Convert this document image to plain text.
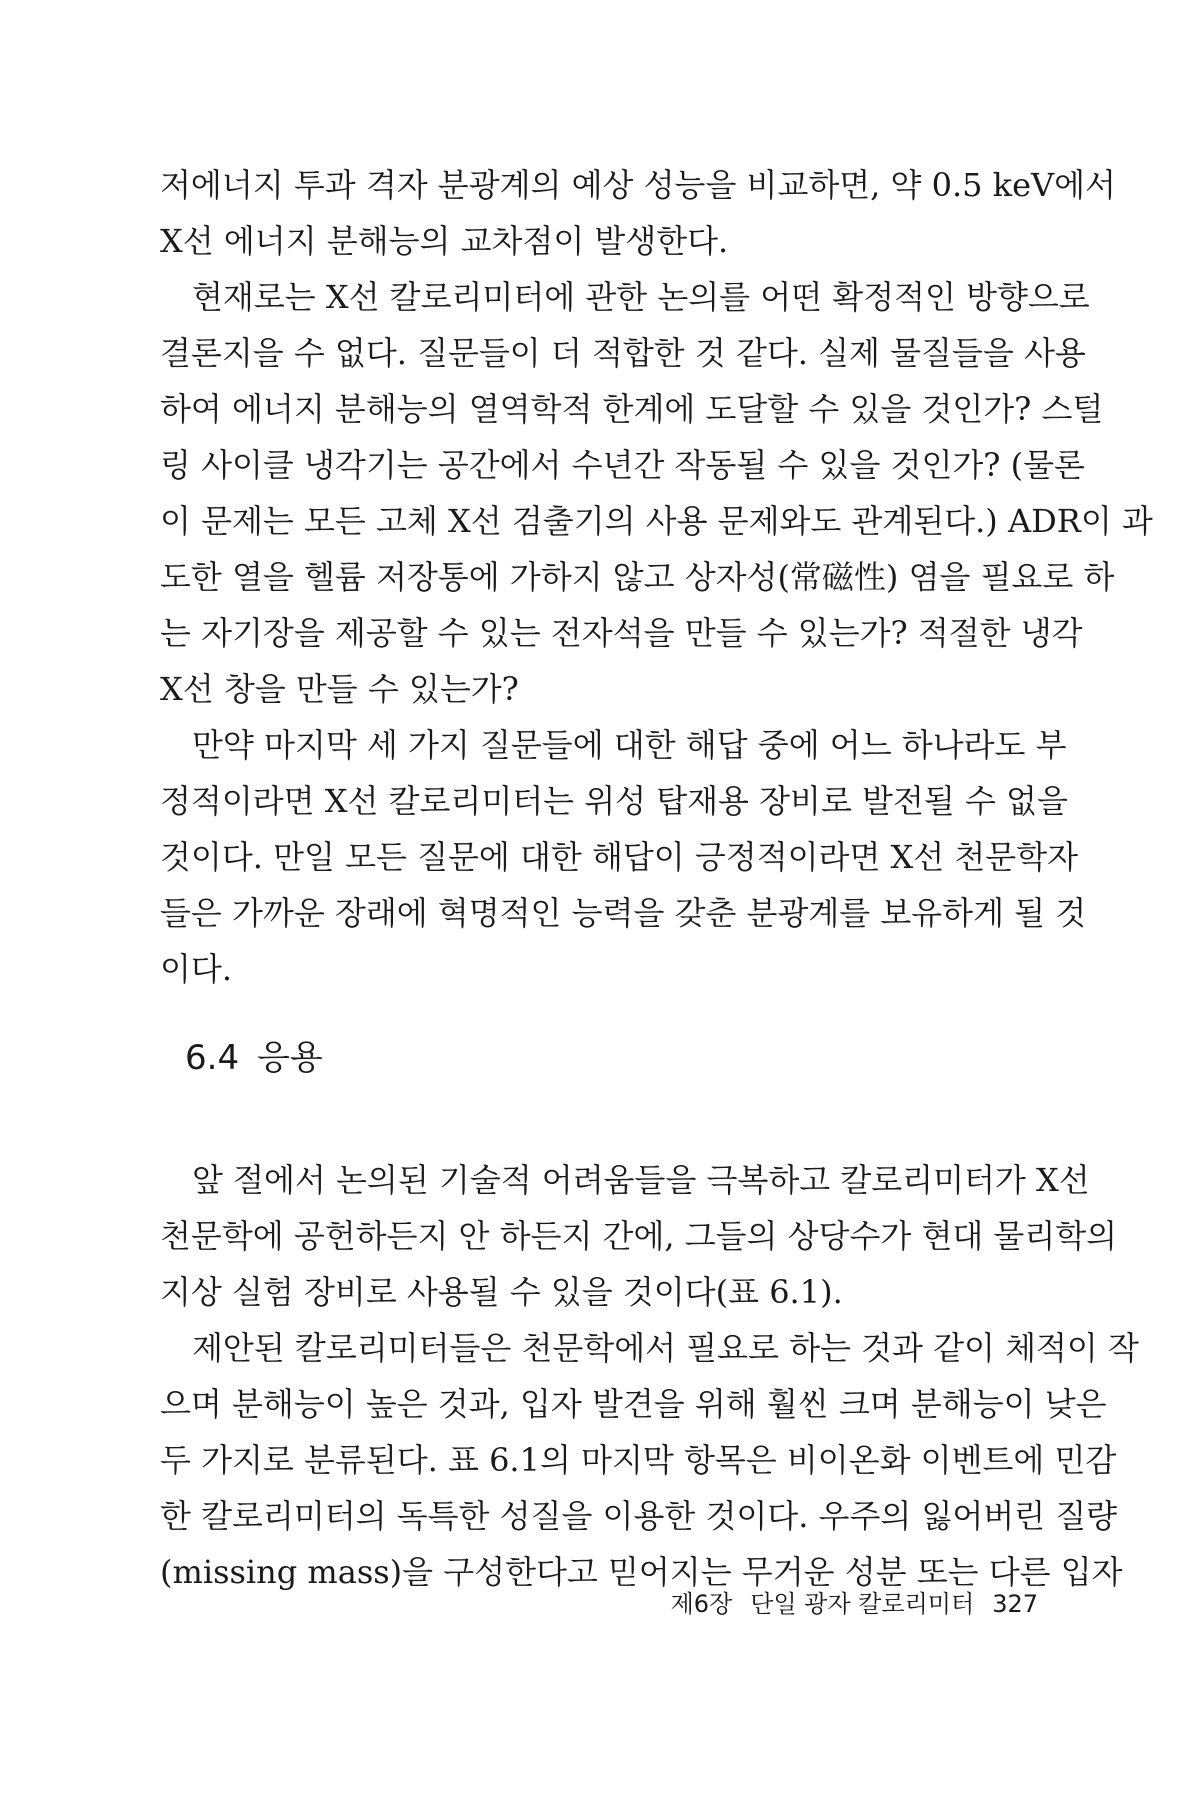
저에너지 투과 격자 분광계의 예상 성능을 비교하면, 약 0.5 keV에서
X선 에너지 분해능의 교차점이 발생한다.
현재로는 X선 칼로리미터에 관한 논의를 어떤 확정적인 방향으로
결론지을 수 없다. 질문들이 더 적합한 것 같다. 실제 물질들을 사용
하여 에너지 분해능의 열역학적 한계에 도달할 수 있을 것인가? 스털
링 사이클 냉각기는 공간에서 수년간 작동될 수 있을 것인가? (물론
이 문제는 모든 고체 X선 검출기의 사용 문제와도 관계된다.) ADR이 과
도한 열을 헬륨 저장통에 가하지 않고 상자성(常磁性) 염을 필요로 하
는 자기장을 제공할 수 있는 전자석을 만들 수 있는가? 적절한 냉각
X선 창을 만들 수 있는가?
만약 마지막 세 가지 질문들에 대한 해답 중에 어느 하나라도 부
정적이라면 X선 칼로리미터는 위성 탑재용 장비로 발전될 수 없을
것이다. 만일 모든 질문에 대한 해답이 긍정적이라면 X선 천문학자
들은 가까운 장래에 혁명적인 능력을 갖춘 분광계를 보유하게 될 것
이다.
6.4 응용
앞 절에서 논의된 기술적 어려움들을 극복하고 칼로리미터가 X선
천문학에 공헌하든지 안 하든지 간에, 그들의 상당수가 현대 물리학의
지상 실험 장비로 사용될 수 있을 것이다(표 6.1).
제안된 칼로리미터들은 천문학에서 필요로 하는 것과 같이 체적이 작
으며 분해능이 높은 것과, 입자 발견을 위해 훨씬 크며 분해능이 낮은
두 가지로 분류된다. 표 6.1의 마지막 항목은 비이온화 이벤트에 민감
한 칼로리미터의 독특한 성질을 이용한 것이다. 우주의 잃어버린 질량
(missing mass)을 구성한다고 믿어지는 무거운 성분 또는 다른 입자
제6장 단일 광자 칼로리미터 327
